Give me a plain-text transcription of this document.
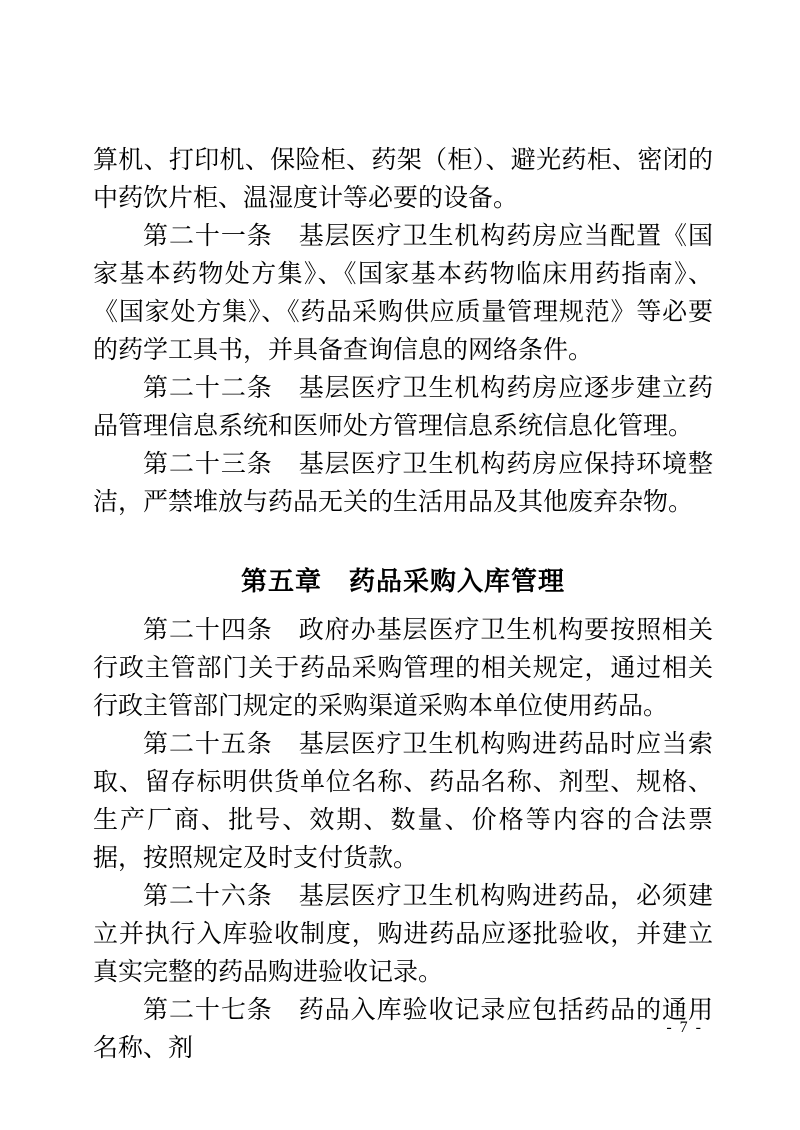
算机、打印机、保险柜、药架（柜）、避光药柜、密闭的中药饮片柜、温湿度计等必要的设备。

第二十一条　基层医疗卫生机构药房应当配置《国家基本药物处方集》、《国家基本药物临床用药指南》、《国家处方集》、《药品采购供应质量管理规范》等必要的药学工具书，并具备查询信息的网络条件。

第二十二条　基层医疗卫生机构药房应逐步建立药品管理信息系统和医师处方管理信息系统信息化管理。

第二十三条　基层医疗卫生机构药房应保持环境整洁，严禁堆放与药品无关的生活用品及其他废弃杂物。

第五章　药品采购入库管理

第二十四条　政府办基层医疗卫生机构要按照相关行政主管部门关于药品采购管理的相关规定，通过相关行政主管部门规定的采购渠道采购本单位使用药品。

第二十五条　基层医疗卫生机构购进药品时应当索取、留存标明供货单位名称、药品名称、剂型、规格、生产厂商、批号、效期、数量、价格等内容的合法票据，按照规定及时支付货款。

第二十六条　基层医疗卫生机构购进药品，必须建立并执行入库验收制度，购进药品应逐批验收，并建立真实完整的药品购进验收记录。

第二十七条　药品入库验收记录应包括药品的通用名称、剂

- 7 -
